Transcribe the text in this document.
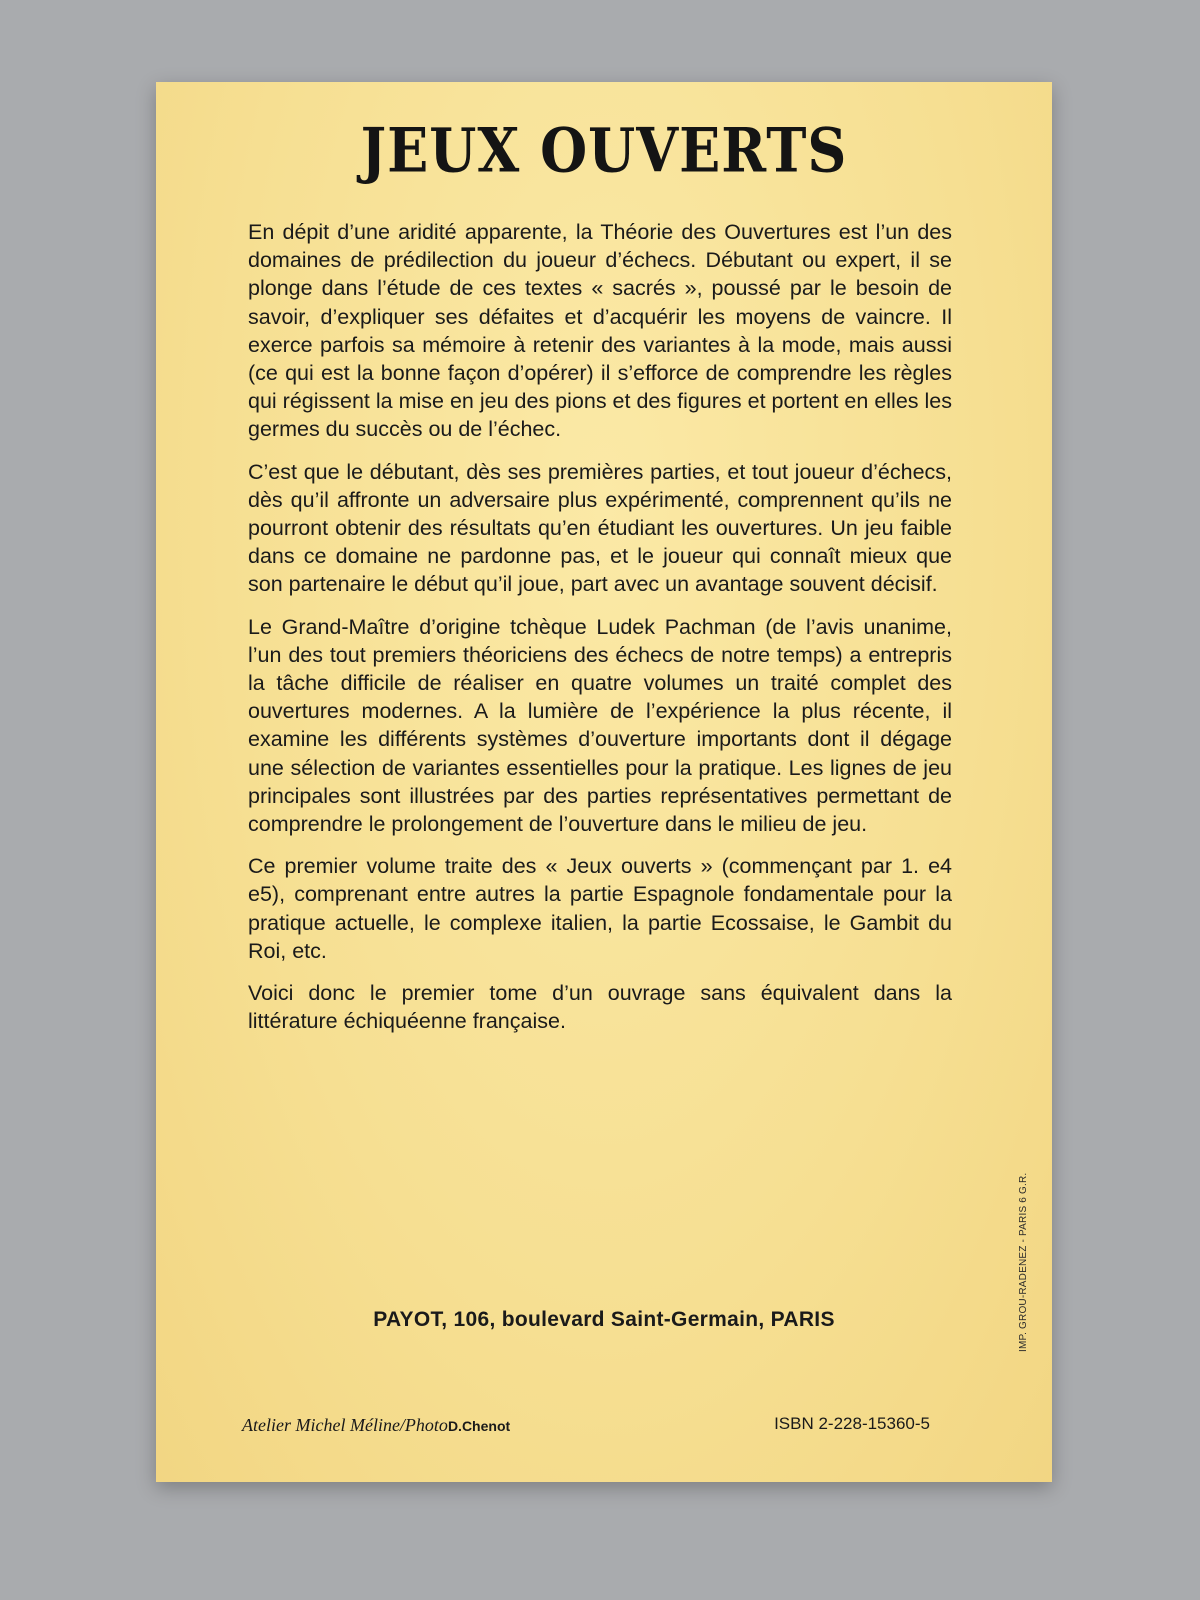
JEUX OUVERTS

En dépit d’une aridité apparente, la Théorie des Ouvertures est l’un des domaines de prédilection du joueur d’échecs. Débutant ou expert, il se plonge dans l’étude de ces textes « sacrés », poussé par le besoin de savoir, d’expliquer ses défaites et d’acquérir les moyens de vaincre. Il exerce parfois sa mémoire à retenir des variantes à la mode, mais aussi (ce qui est la bonne façon d’opérer) il s’efforce de comprendre les règles qui régissent la mise en jeu des pions et des figures et portent en elles les germes du succès ou de l’échec.

C’est que le débutant, dès ses premières parties, et tout joueur d’échecs, dès qu’il affronte un adversaire plus expérimenté, comprennent qu’ils ne pourront obtenir des résultats qu’en étudiant les ouvertures. Un jeu faible dans ce domaine ne pardonne pas, et le joueur qui connaît mieux que son partenaire le début qu’il joue, part avec un avantage souvent décisif.

Le Grand-Maître d’origine tchèque Ludek Pachman (de l’avis unanime, l’un des tout premiers théoriciens des échecs de notre temps) a entrepris la tâche difficile de réaliser en quatre volumes un traité complet des ouvertures modernes. A la lumière de l’expérience la plus récente, il examine les différents systèmes d’ouverture importants dont il dégage une sélection de variantes essentielles pour la pratique. Les lignes de jeu principales sont illustrées par des parties représentatives permettant de comprendre le prolongement de l’ouverture dans le milieu de jeu.

Ce premier volume traite des « Jeux ouverts » (commençant par 1. e4 e5), comprenant entre autres la partie Espagnole fondamentale pour la pratique actuelle, le complexe italien, la partie Ecossaise, le Gambit du Roi, etc.

Voici donc le premier tome d’un ouvrage sans équivalent dans la littérature échiquéenne française.

PAYOT, 106, boulevard Saint-Germain, PARIS
Atelier Michel Méline/PhotoD.Chenot	ISBN 2-228-15360-5
IMP. GROU-RADENEZ - PARIS 6 G.R.
